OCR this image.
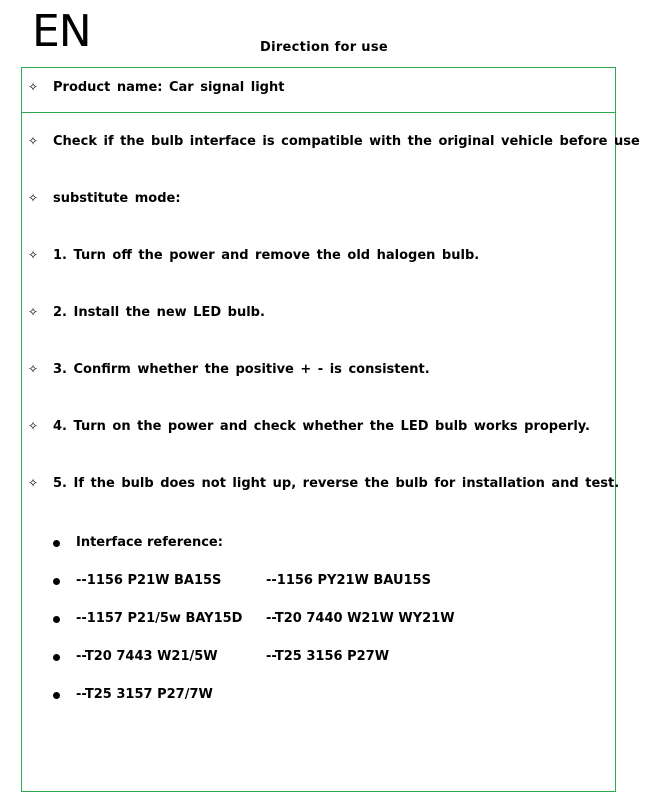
EN	Direction for use
✧ Product name: Car signal light
✧ Check if the bulb interface is compatible with the original vehicle before use
✧ substitute mode:
✧ 1. Turn off the power and remove the old halogen bulb.
✧ 2. Install the new LED bulb.
✧ 3. Confirm whether the positive + - is consistent.
✧ 4. Turn on the power and check whether the LED bulb works properly.
✧ 5. If the bulb does not light up, reverse the bulb for installation and test.
Interface reference:
--1156 P21W BA15S	--1156 PY21W BAU15S
--1157 P21/5w BAY15D --T20 7440 W21W WY21W
--T20 7443 W21/5W	--T25 3156 P27W
--T25 3157 P27/7W
